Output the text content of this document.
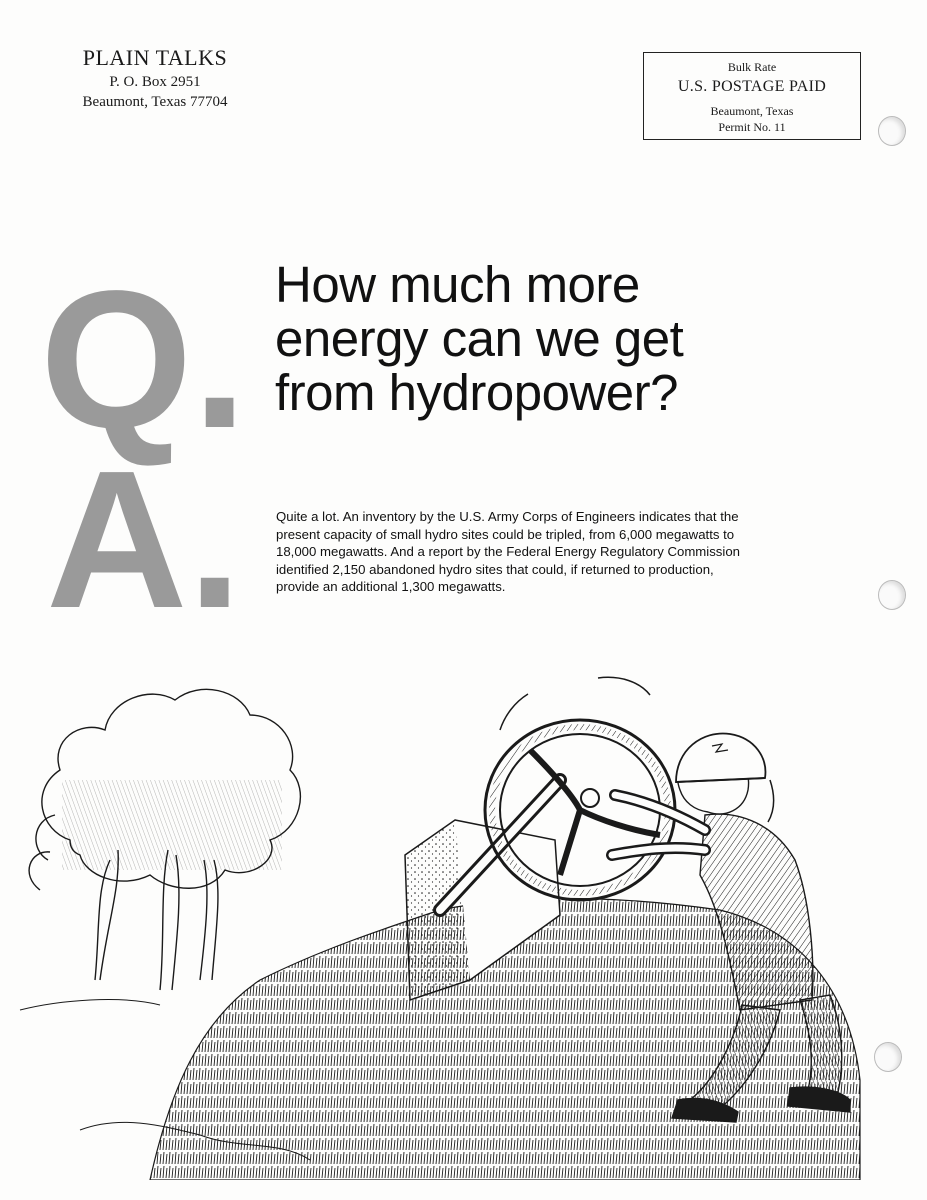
PLAIN TALKS
P. O. Box 2951
Beaumont, Texas 77704
Bulk Rate
U.S. POSTAGE PAID
Beaumont, Texas
Permit No. 11
Q.
A.
How much more
energy can we get
from hydropower?
Quite a lot. An inventory by the U.S. Army Corps of Engineers indicates that the
present capacity of small hydro sites could be tripled, from 6,000 megawatts to
18,000 megawatts. And a report by the Federal Energy Regulatory Commission
identified 2,150 abandoned hydro sites that could, if returned to production,
provide an additional 1,300 megawatts.
